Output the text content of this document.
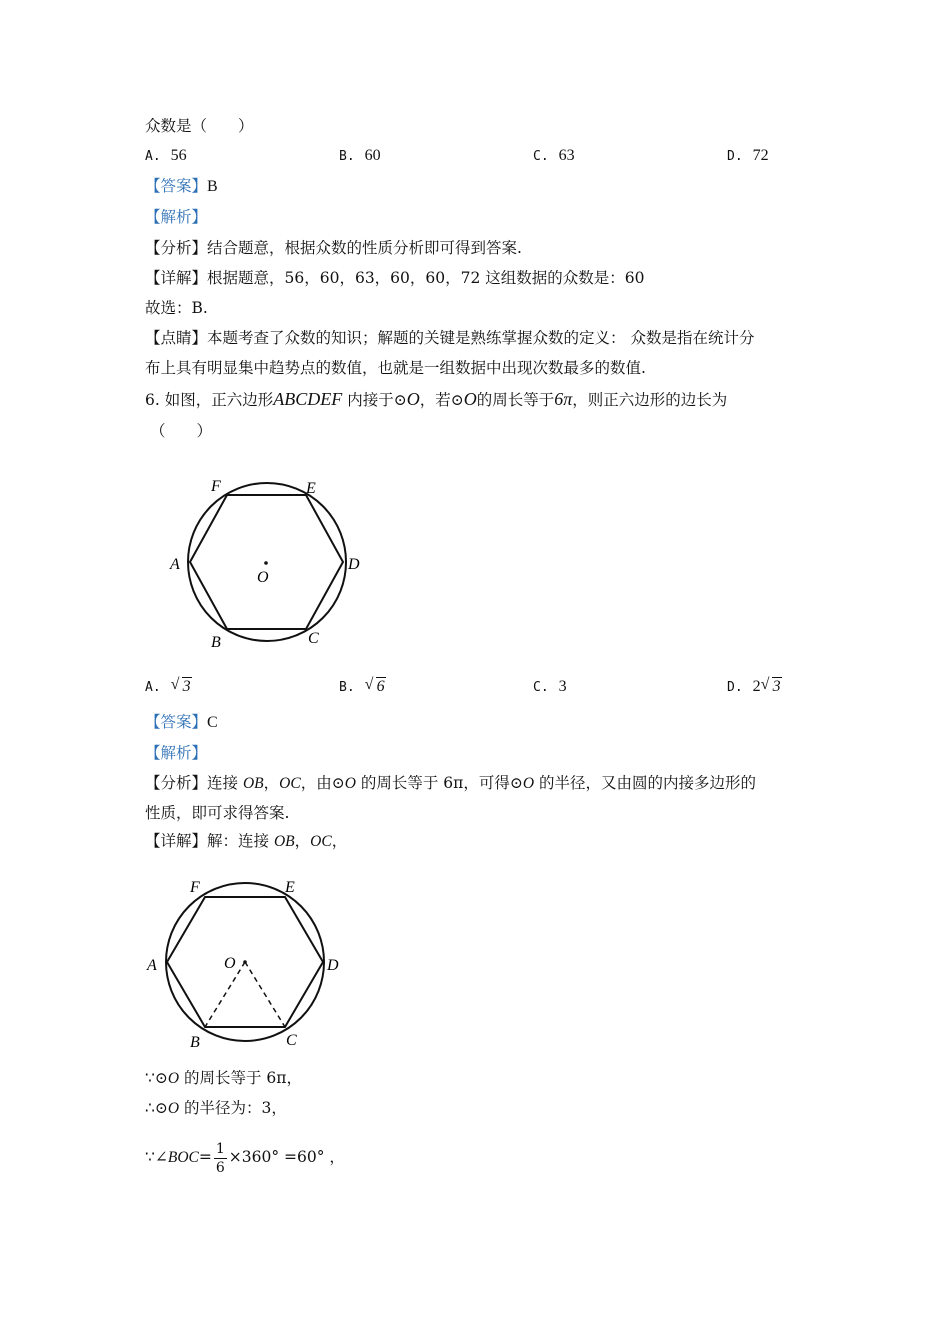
众数是（　　）
A. 56	B. 60	C. 63	D. 72
【答案】B
【解析】
【分析】结合题意，根据众数的性质分析即可得到答案.
【详解】根据题意，56，60，63，60，60，72 这组数据的众数是：60
故选：B.
【点睛】本题考查了众数的知识；解题的关键是熟练掌握众数的定义： 众数是指在统计分
布上具有明显集中趋势点的数值，也就是一组数据中出现次数最多的数值.
6. 如图，正六边形ABCDEF 内接于⊙O，若⊙O的周长等于6π，则正六边形的边长为
（　　）
F	E
A	D
O
B	C
A. √ 3	B. √ 6	C. 3	D. 2 √ 3
【答案】C
【解析】
【分析】连接 OB，OC，由⊙O 的周长等于 6π，可得⊙O 的半径，又由圆的内接多边形的
性质，即可求得答案.
【详解】解：连接 OB，OC，
F	E
A	D
O
B	C
∵⊙O 的周长等于 6π，
∴⊙O 的半径为：3，
∵∠BOC= $\frac{1}{6} \times 360^\circ =60^\circ$ ，
